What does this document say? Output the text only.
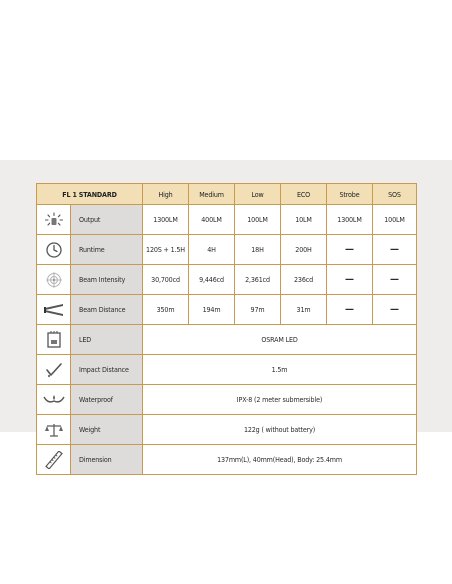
FL 1 STANDARD		High	Medium	Low	ECO	Strobe	SOS

	Output	1300LM	400LM	100LM	10LM	1300LM	100LM

	Runtime	120S + 1.5H	4H	18H	200H	—	—

	Beam Intensity	30,700cd	9,446cd	2,361cd	236cd	—	—

	Beam Distance	350m	194m	97m	31m	—	—

	LED	OSRAM LED					

	Impact Distance	1.5m					

	Waterproof	IPX-8 (2 meter submersible)					

	Weight	122g ( without battery)					

	Dimension	137mm(L), 40mm(Head), Body: 25.4mm					
